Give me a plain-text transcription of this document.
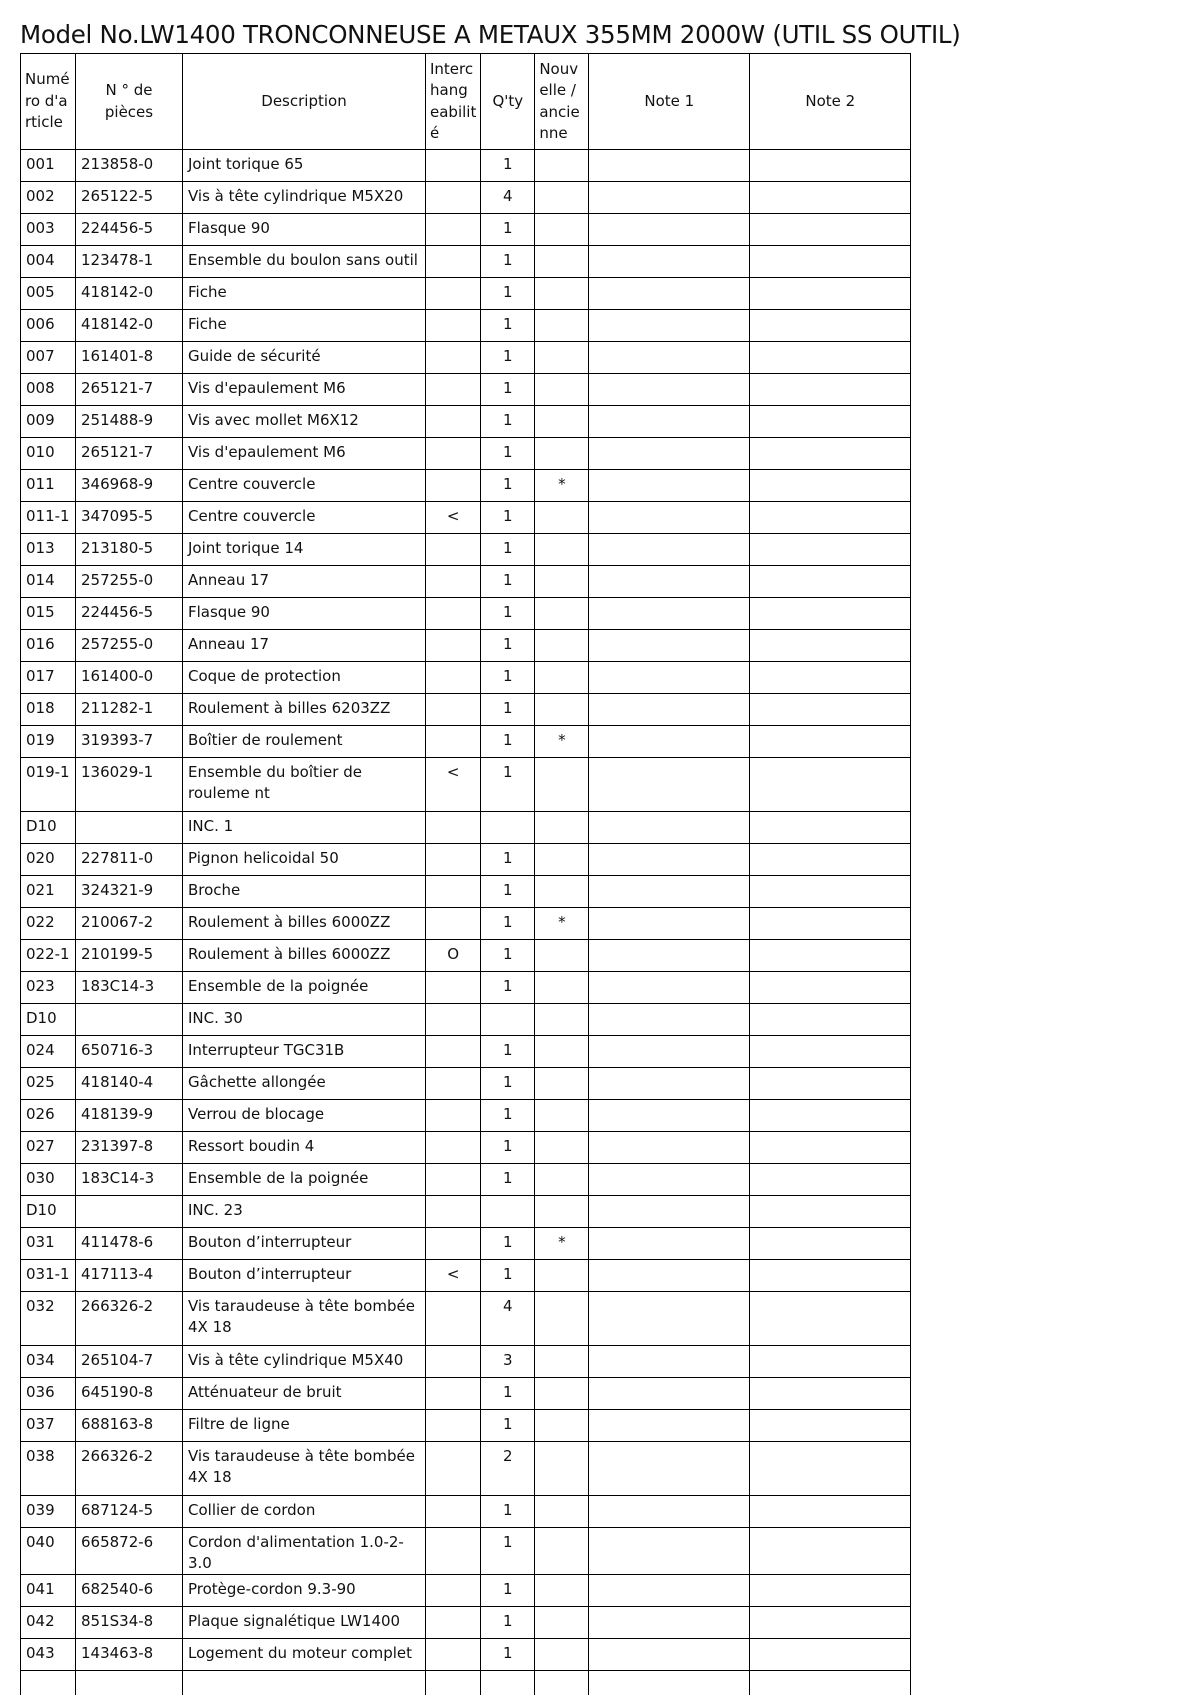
Model No.LW1400 TRONCONNEUSE A METAUX 355MM 2000W (UTIL SS OUTIL)
Numé ro d'a rticle	N ° de pièces	Description	Interc hang eabilit é	Q'ty	Nouv elle / ancie nne	Note 1	Note 2
001	213858-0	Joint torique 65		1			
002	265122-5	Vis à tête cylindrique M5X20		4			
003	224456-5	Flasque 90		1			
004	123478-1	Ensemble du boulon sans outil		1			
005	418142-0	Fiche		1			
006	418142-0	Fiche		1			
007	161401-8	Guide de sécurité		1			
008	265121-7	Vis d'epaulement M6		1			
009	251488-9	Vis avec mollet M6X12		1			
010	265121-7	Vis d'epaulement M6		1			
011	346968-9	Centre couvercle		1	*		
011-1	347095-5	Centre couvercle	<	1			
013	213180-5	Joint torique 14		1			
014	257255-0	Anneau 17		1			
015	224456-5	Flasque 90		1			
016	257255-0	Anneau 17		1			
017	161400-0	Coque de protection		1			
018	211282-1	Roulement à billes 6203ZZ		1			
019	319393-7	Boîtier de roulement		1	*		
019-1	136029-1	Ensemble du boîtier de rouleme nt	<	1			
D10		INC. 1					
020	227811-0	Pignon helicoidal 50		1			
021	324321-9	Broche		1			
022	210067-2	Roulement à billes 6000ZZ		1	*		
022-1	210199-5	Roulement à billes 6000ZZ	O	1			
023	183C14-3	Ensemble de la poignée		1			
D10		INC. 30					
024	650716-3	Interrupteur TGC31B		1			
025	418140-4	Gâchette allongée		1			
026	418139-9	Verrou de blocage		1			
027	231397-8	Ressort boudin 4		1			
030	183C14-3	Ensemble de la poignée		1			
D10		INC. 23					
031	411478-6	Bouton d’interrupteur		1	*		
031-1	417113-4	Bouton d’interrupteur	<	1			
032	266326-2	Vis taraudeuse à tête bombée 4X 18		4			
034	265104-7	Vis à tête cylindrique M5X40		3			
036	645190-8	Atténuateur de bruit		1			
037	688163-8	Filtre de ligne		1			
038	266326-2	Vis taraudeuse à tête bombée 4X 18		2			
039	687124-5	Collier de cordon		1			
040	665872-6	Cordon d'alimentation 1.0-2-3.0		1			
041	682540-6	Protège-cordon 9.3-90		1			
042	851S34-8	Plaque signalétique LW1400		1			
043	143463-8	Logement du moteur complet		1			
